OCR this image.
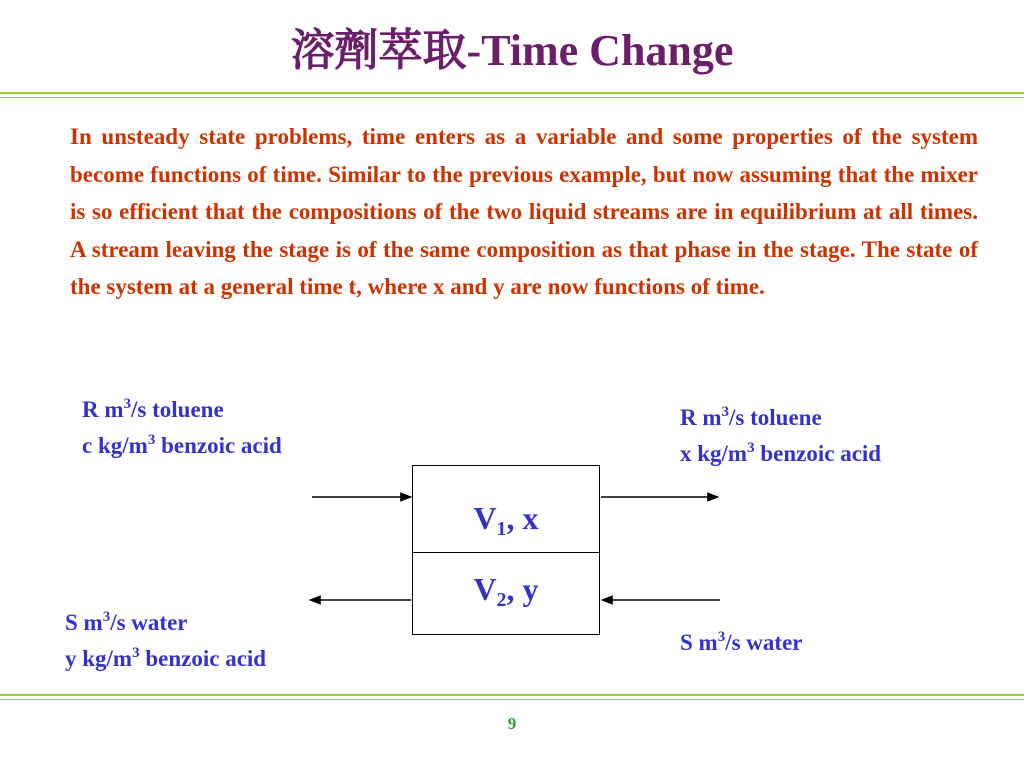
溶劑萃取-Time Change
In unsteady state problems, time enters as a variable and some properties of the system become functions of time. Similar to the previous example, but now assuming that the mixer is so efficient that the compositions of the two liquid streams are in equilibrium at all times. A stream leaving the stage is of the same composition as that phase in the stage. The state of the system at a general time t, where x and y are now functions of time.
R $m^3/s$ toluene
c $kg/m^3$ benzoic acid
R $m^3/s$ toluene
x $kg/m^3$ benzoic acid
S $m^3/s$ water
y $kg/m^3$ benzoic acid
S $m^3/s$ water
$V_1$, x
$V_2$, y
9
